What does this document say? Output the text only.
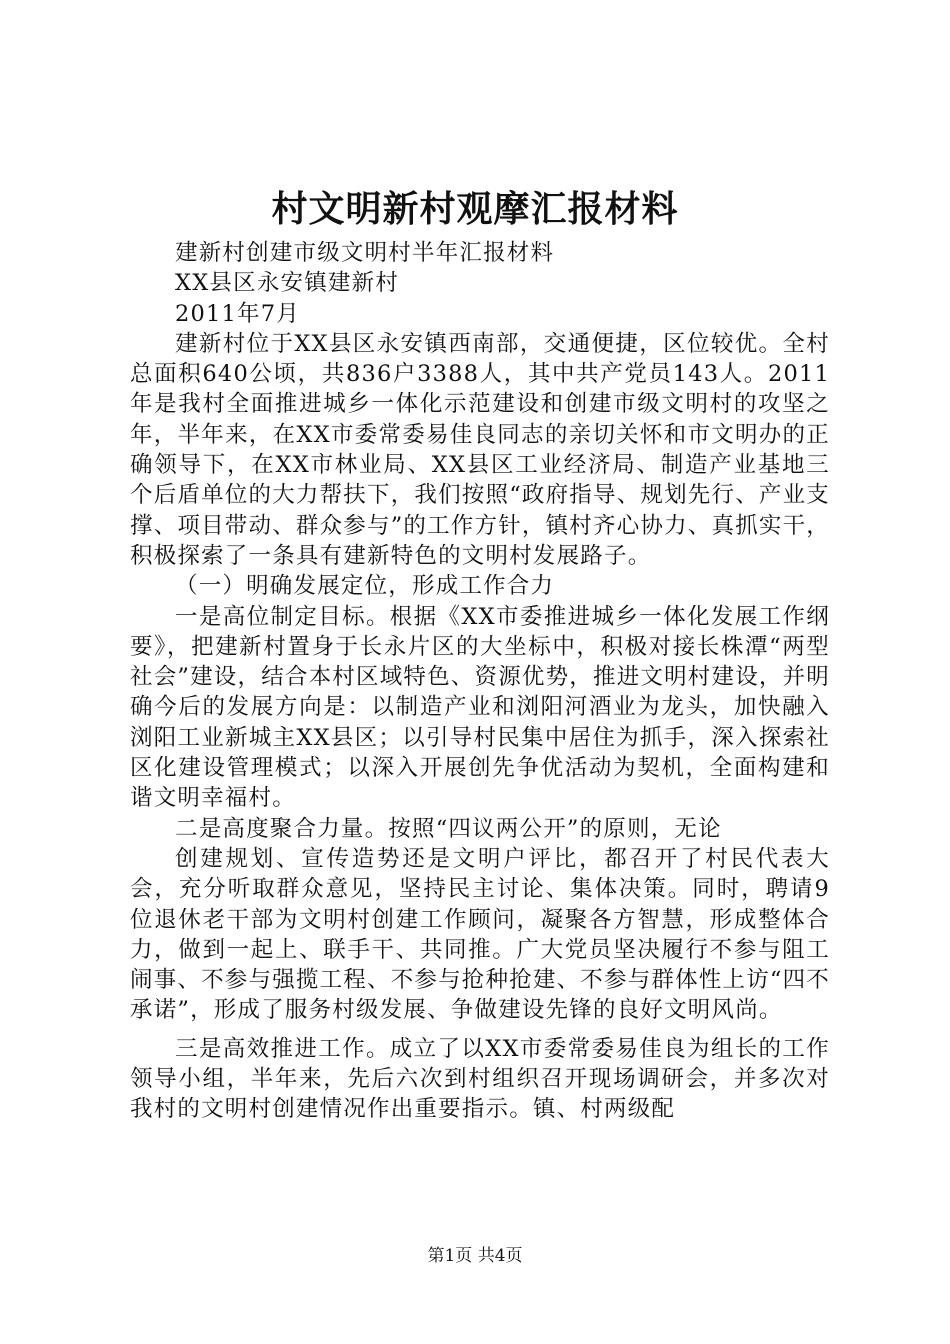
村文明新村观摩汇报材料

建新村创建市级文明村半年汇报材料

XX县区永安镇建新村

2011年7月

建新村位于XX县区永安镇西南部，交通便捷，区位较优。全村总面积640公顷，共836户3388人，其中共产党员143人。2011年是我村全面推进城乡一体化示范建设和创建市级文明村的攻坚之年，半年来，在XX市委常委易佳良同志的亲切关怀和市文明办的正确领导下，在XX市林业局、XX县区工业经济局、制造产业基地三个后盾单位的大力帮扶下，我们按照“政府指导、规划先行、产业支撑、项目带动、群众参与”的工作方针，镇村齐心协力、真抓实干，积极探索了一条具有建新特色的文明村发展路子。

（一）明确发展定位，形成工作合力

一是高位制定目标。根据《XX市委推进城乡一体化发展工作纲要》，把建新村置身于长永片区的大坐标中，积极对接长株潭“两型社会”建设，结合本村区域特色、资源优势，推进文明村建设，并明确今后的发展方向是：以制造产业和浏阳河酒业为龙头，加快融入浏阳工业新城主XX县区；以引导村民集中居住为抓手，深入探索社区化建设管理模式；以深入开展创先争优活动为契机，全面构建和谐文明幸福村。

二是高度聚合力量。按照“四议两公开”的原则，无论

创建规划、宣传造势还是文明户评比，都召开了村民代表大会，充分听取群众意见，坚持民主讨论、集体决策。同时，聘请9位退休老干部为文明村创建工作顾问，凝聚各方智慧，形成整体合力，做到一起上、联手干、共同推。广大党员坚决履行不参与阻工闹事、不参与强揽工程、不参与抢种抢建、不参与群体性上访“四不承诺”，形成了服务村级发展、争做建设先锋的良好文明风尚。

三是高效推进工作。成立了以XX市委常委易佳良为组长的工作领导小组，半年来，先后六次到村组织召开现场调研会，并多次对我村的文明村创建情况作出重要指示。镇、村两级配

第1页 共4页
